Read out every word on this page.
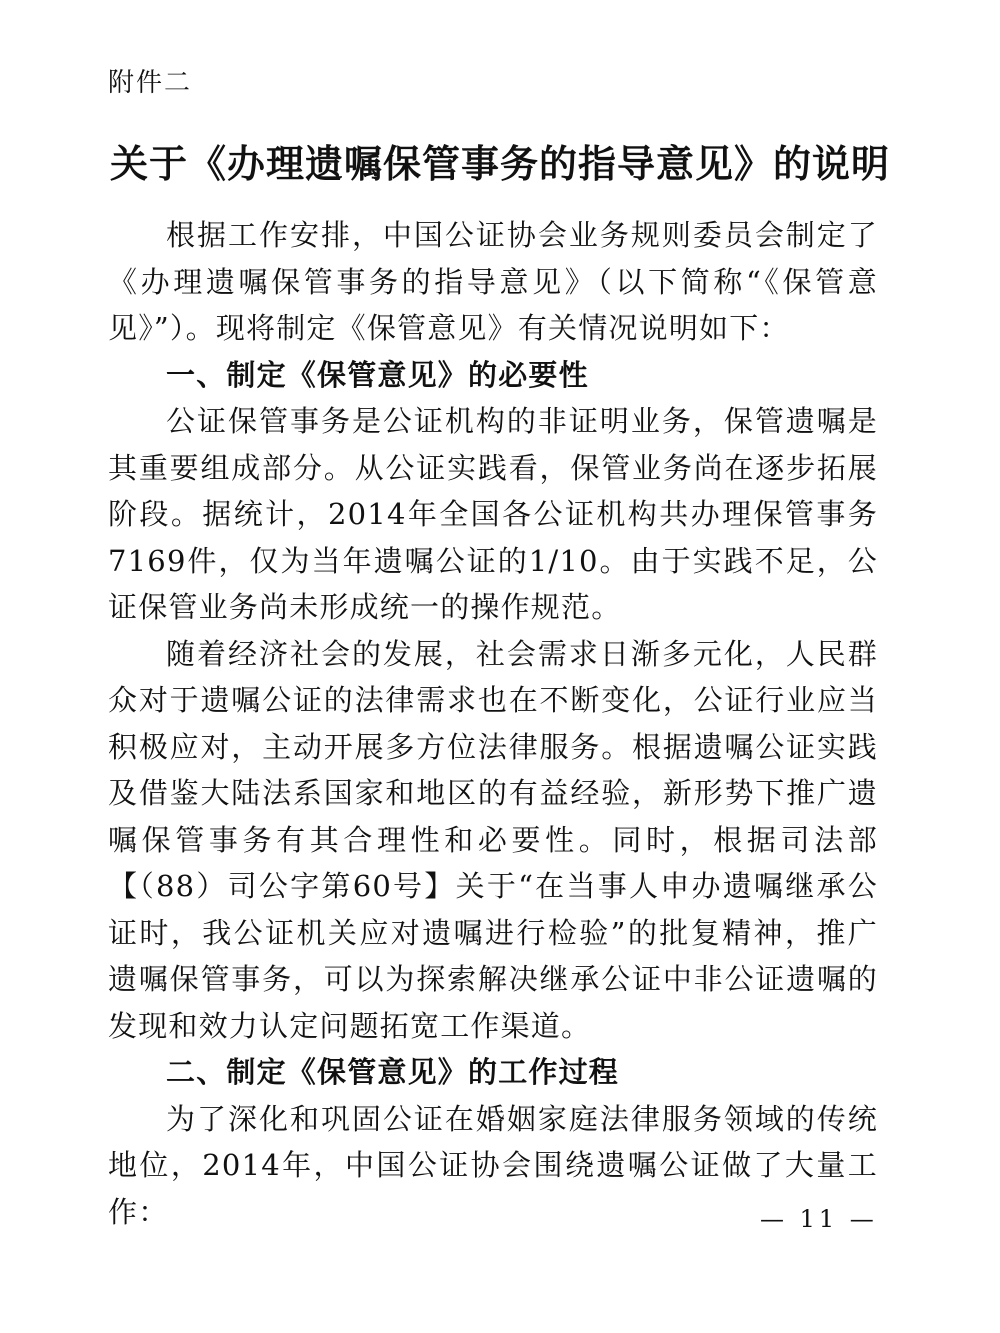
附件二
关于《办理遗嘱保管事务的指导意见》的说明

根据工作安排，中国公证协会业务规则委员会制定了《办理遗嘱保管事务的指导意见》（以下简称“《保管意见》”）。现将制定《保管意见》有关情况说明如下：

一、制定《保管意见》的必要性

公证保管事务是公证机构的非证明业务，保管遗嘱是其重要组成部分。从公证实践看，保管业务尚在逐步拓展阶段。据统计，2014年全国各公证机构共办理保管事务7169件，仅为当年遗嘱公证的1/10。由于实践不足，公证保管业务尚未形成统一的操作规范。

随着经济社会的发展，社会需求日渐多元化，人民群众对于遗嘱公证的法律需求也在不断变化，公证行业应当积极应对，主动开展多方位法律服务。根据遗嘱公证实践及借鉴大陆法系国家和地区的有益经验，新形势下推广遗嘱保管事务有其合理性和必要性。同时，根据司法部【（88）司公字第60号】关于“在当事人申办遗嘱继承公证时，我公证机关应对遗嘱进行检验”的批复精神，推广遗嘱保管事务，可以为探索解决继承公证中非公证遗嘱的发现和效力认定问题拓宽工作渠道。

二、制定《保管意见》的工作过程

为了深化和巩固公证在婚姻家庭法律服务领域的传统地位，2014年，中国公证协会围绕遗嘱公证做了大量工作：	— 11 —
